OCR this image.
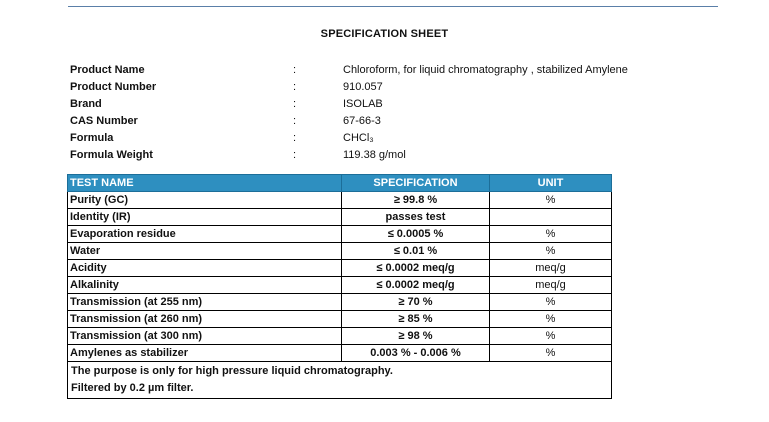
SPECIFICATION SHEET
Product Name	:	Chloroform, for liquid chromatography , stabilized Amylene
Product Number	:	910.057
Brand	:	ISOLAB
CAS Number	:	67-66-3
Formula	:	CHCl₃
Formula Weight	:	119.38 g/mol
TEST NAME	SPECIFICATION	UNIT
Purity (GC)	≥ 99.8 %	%
Identity (IR)	passes test	
Evaporation residue	≤ 0.0005 %	%
Water	≤ 0.01 %	%
Acidity	≤ 0.0002 meq/g	meq/g
Alkalinity	≤ 0.0002 meq/g	meq/g
Transmission (at 255 nm)	≥ 70 %	%
Transmission (at 260 nm)	≥ 85 %	%
Transmission (at 300 nm)	≥ 98 %	%
Amylenes as stabilizer	0.003 % - 0.006 %	%

The purpose is only for high pressure liquid chromatography.
Filtered by 0.2 µm filter.		
